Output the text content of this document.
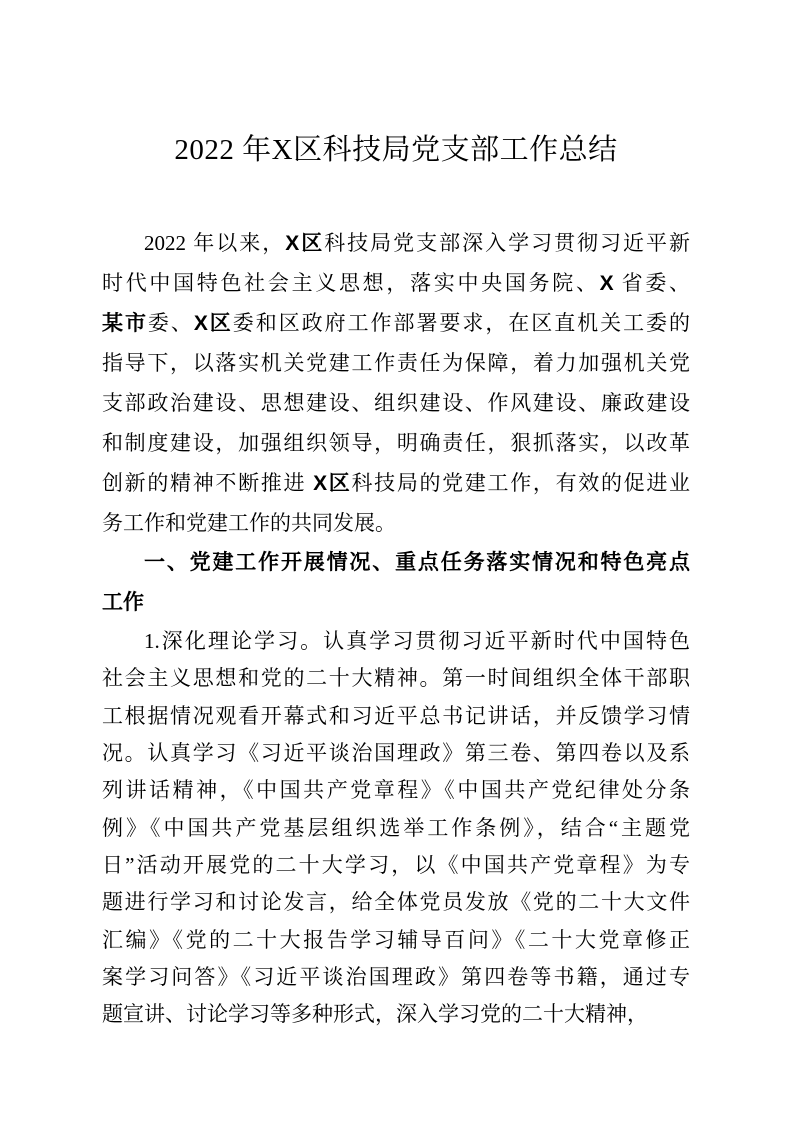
2022 年X区科技局党支部工作总结
2022 年以来，X区科技局党支部深入学习贯彻习近平新
时代中国特色社会主义思想，落实中央国务院、X 省委、
某市委、X区委和区政府工作部署要求，在区直机关工委的
指导下，以落实机关党建工作责任为保障，着力加强机关党
支部政治建设、思想建设、组织建设、作风建设、廉政建设
和制度建设，加强组织领导，明确责任，狠抓落实，以改革
创新的精神不断推进 X区科技局的党建工作，有效的促进业
务工作和党建工作的共同发展。
一、党建工作开展情况、重点任务落实情况和特色亮点
工作
1.深化理论学习。认真学习贯彻习近平新时代中国特色
社会主义思想和党的二十大精神。第一时间组织全体干部职
工根据情况观看开幕式和习近平总书记讲话，并反馈学习情
况。认真学习《习近平谈治国理政》第三卷、第四卷以及系
列讲话精神，《中国共产党章程》《中国共产党纪律处分条
例》《中国共产党基层组织选举工作条例》，结合“主题党
日”活动开展党的二十大学习，以《中国共产党章程》为专
题进行学习和讨论发言，给全体党员发放《党的二十大文件
汇编》《党的二十大报告学习辅导百问》《二十大党章修正
案学习问答》《习近平谈治国理政》第四卷等书籍，通过专
题宣讲、讨论学习等多种形式，深入学习党的二十大精神，
